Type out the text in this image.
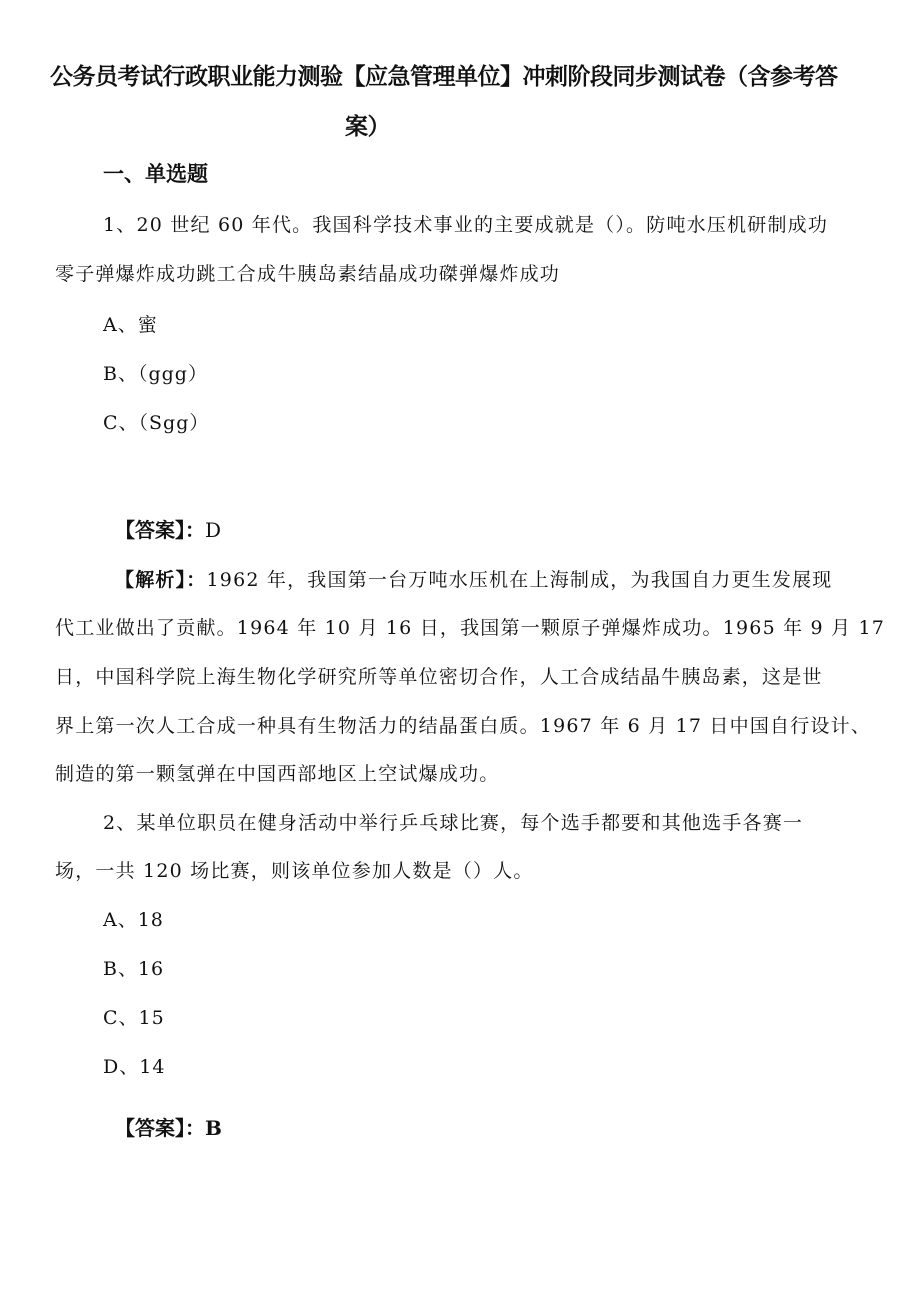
公务员考试行政职业能力测验【应急管理单位】冲刺阶段同步测试卷（含参考答
案）
一、单选题
1、20 世纪 60 年代。我国科学技术事业的主要成就是（）。防吨水压机研制成功
零子弹爆炸成功跳工合成牛胰岛素结晶成功磔弹爆炸成功
A、蜜
B、（ggg）
C、（Sgg）
【答案】：D
【解析】：1962 年，我国第一台万吨水压机在上海制成，为我国自力更生发展现
代工业做出了贡献。1964 年 10 月 16 日，我国第一颗原子弹爆炸成功。1965 年 9 月 17
日，中国科学院上海生物化学研究所等单位密切合作，人工合成结晶牛胰岛素，这是世
界上第一次人工合成一种具有生物活力的结晶蛋白质。1967 年 6 月 17 日中国自行设计、
制造的第一颗氢弹在中国西部地区上空试爆成功。
2、某单位职员在健身活动中举行乒乓球比赛，每个选手都要和其他选手各赛一
场，一共 120 场比赛，则该单位参加人数是（）人。
A、18
B、16
C、15
D、14
【答案】：B
